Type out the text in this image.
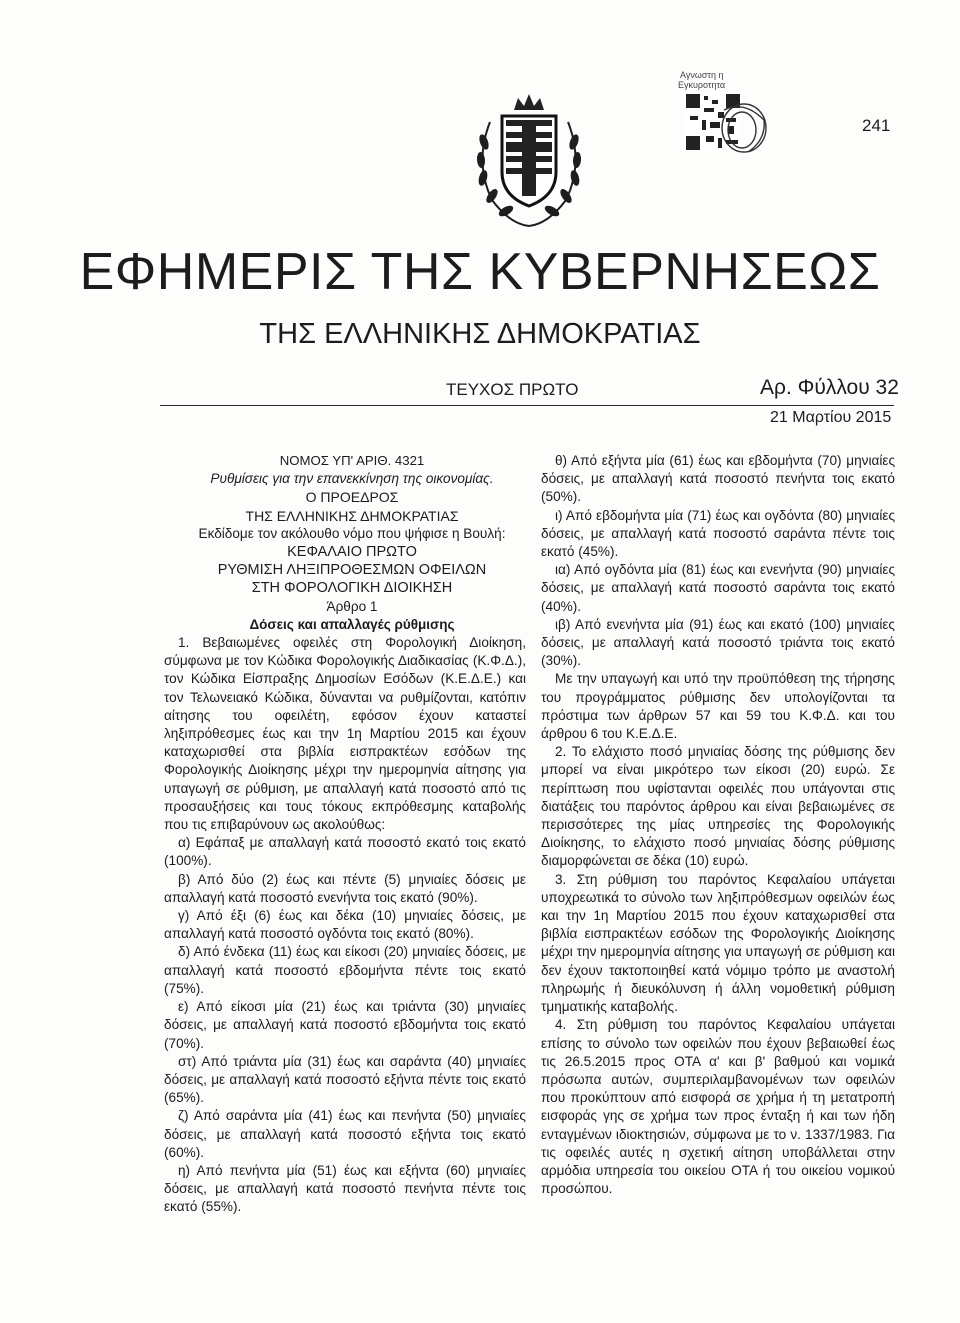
241
Αγνωστη η
Εγκυροτητα
ΕΦΗΜΕΡΙΣ ΤΗΣ ΚΥΒΕΡΝΗΣΕΩΣ
ΤΗΣ ΕΛΛΗΝΙΚΗΣ ΔΗΜΟΚΡΑΤΙΑΣ
ΤΕΥΧΟΣ ΠΡΩΤΟ	Αρ. Φύλλου 32
21 Μαρτίου 2015

ΝΟΜΟΣ ΥΠ' ΑΡΙΘ. 4321

Ρυθμίσεις για την επανεκκίνηση της οικονομίας.

Ο ΠΡΟΕΔΡΟΣ

ΤΗΣ ΕΛΛΗΝΙΚΗΣ ΔΗΜΟΚΡΑΤΙΑΣ

Εκδίδομε τον ακόλουθο νόμο που ψήφισε η Βουλή:

ΚΕΦΑΛΑΙΟ ΠΡΩΤΟ

ΡΥΘΜΙΣΗ ΛΗΞΙΠΡΟΘΕΣΜΩΝ ΟΦΕΙΛΩΝ

ΣΤΗ ΦΟΡΟΛΟΓΙΚΗ ΔΙΟΙΚΗΣΗ

Άρθρο 1

Δόσεις και απαλλαγές ρύθμισης

1. Βεβαιωμένες οφειλές στη Φορολογική Διοίκηση, σύμφωνα με τον Κώδικα Φορολογικής Διαδικασίας (Κ.Φ.Δ.), τον Κώδικα Είσπραξης Δημοσίων Εσόδων (Κ.Ε.Δ.Ε.) και τον Τελωνειακό Κώδικα, δύνανται να ρυθμίζονται, κατόπιν αίτησης του οφειλέτη, εφόσον έχουν καταστεί ληξιπρόθεσμες έως και την 1η Μαρτίου 2015 και έχουν καταχωρισθεί στα βιβλία εισπρακτέων εσόδων της Φορολογικής Διοίκησης μέχρι την ημερομηνία αίτησης για υπαγωγή σε ρύθμιση, με απαλλαγή κατά ποσοστό από τις προσαυξήσεις και τους τόκους εκπρόθεσμης καταβολής που τις επιβαρύνουν ως ακολούθως:

α) Εφάπαξ με απαλλαγή κατά ποσοστό εκατό τοις εκατό (100%).

β) Από δύο (2) έως και πέντε (5) μηνιαίες δόσεις με απαλλαγή κατά ποσοστό ενενήντα τοις εκατό (90%).

γ) Από έξι (6) έως και δέκα (10) μηνιαίες δόσεις, με απαλλαγή κατά ποσοστό ογδόντα τοις εκατό (80%).

δ) Από ένδεκα (11) έως και είκοσι (20) μηνιαίες δόσεις, με απαλλαγή κατά ποσοστό εβδομήντα πέντε τοις εκατό (75%).

ε) Από είκοσι μία (21) έως και τριάντα (30) μηνιαίες δόσεις, με απαλλαγή κατά ποσοστό εβδομήντα τοις εκατό (70%).

στ) Από τριάντα μία (31) έως και σαράντα (40) μηνιαίες δόσεις, με απαλλαγή κατά ποσοστό εξήντα πέντε τοις εκατό (65%).

ζ) Από σαράντα μία (41) έως και πενήντα (50) μηνιαίες δόσεις, με απαλλαγή κατά ποσοστό εξήντα τοις εκατό (60%).

η) Από πενήντα μία (51) έως και εξήντα (60) μηνιαίες δόσεις, με απαλλαγή κατά ποσοστό πενήντα πέντε τοις εκατό (55%).

θ) Από εξήντα μία (61) έως και εβδομήντα (70) μηνιαίες δόσεις, με απαλλαγή κατά ποσοστό πενήντα τοις εκατό (50%).

ι) Από εβδομήντα μία (71) έως και ογδόντα (80) μηνιαίες δόσεις, με απαλλαγή κατά ποσοστό σαράντα πέντε τοις εκατό (45%).

ια) Από ογδόντα μία (81) έως και ενενήντα (90) μηνιαίες δόσεις, με απαλλαγή κατά ποσοστό σαράντα τοις εκατό (40%).

ιβ) Από ενενήντα μία (91) έως και εκατό (100) μηνιαίες δόσεις, με απαλλαγή κατά ποσοστό τριάντα τοις εκατό (30%).

Με την υπαγωγή και υπό την προϋπόθεση της τήρησης του προγράμματος ρύθμισης δεν υπολογίζονται τα πρόστιμα των άρθρων 57 και 59 του Κ.Φ.Δ. και του άρθρου 6 του Κ.Ε.Δ.Ε.

2. Το ελάχιστο ποσό μηνιαίας δόσης της ρύθμισης δεν μπορεί να είναι μικρότερο των είκοσι (20) ευρώ. Σε περίπτωση που υφίστανται οφειλές που υπάγονται στις διατάξεις του παρόντος άρθρου και είναι βεβαιωμένες σε περισσότερες της μίας υπηρεσίες της Φορολογικής Διοίκησης, το ελάχιστο ποσό μηνιαίας δόσης ρύθμισης διαμορφώνεται σε δέκα (10) ευρώ.

3. Στη ρύθμιση του παρόντος Κεφαλαίου υπάγεται υποχρεωτικά το σύνολο των ληξιπρόθεσμων οφειλών έως και την 1η Μαρτίου 2015 που έχουν καταχωρισθεί στα βιβλία εισπρακτέων εσόδων της Φορολογικής Διοίκησης μέχρι την ημερομηνία αίτησης για υπαγωγή σε ρύθμιση και δεν έχουν τακτοποιηθεί κατά νόμιμο τρόπο με αναστολή πληρωμής ή διευκόλυνση ή άλλη νομοθετική ρύθμιση τμηματικής καταβολής.

4. Στη ρύθμιση του παρόντος Κεφαλαίου υπάγεται επίσης το σύνολο των οφειλών που έχουν βεβαιωθεί έως τις 26.5.2015 προς ΟΤΑ α' και β' βαθμού και νομικά πρόσωπα αυτών, συμπεριλαμβανομένων των οφειλών που προκύπτουν από εισφορά σε χρήμα ή τη μετατροπή εισφοράς γης σε χρήμα των προς ένταξη ή και των ήδη ενταγμένων ιδιοκτησιών, σύμφωνα με το ν. 1337/1983. Για τις οφειλές αυτές η σχετική αίτηση υποβάλλεται στην αρμόδια υπηρεσία του οικείου ΟΤΑ ή του οικείου νομικού προσώπου.
